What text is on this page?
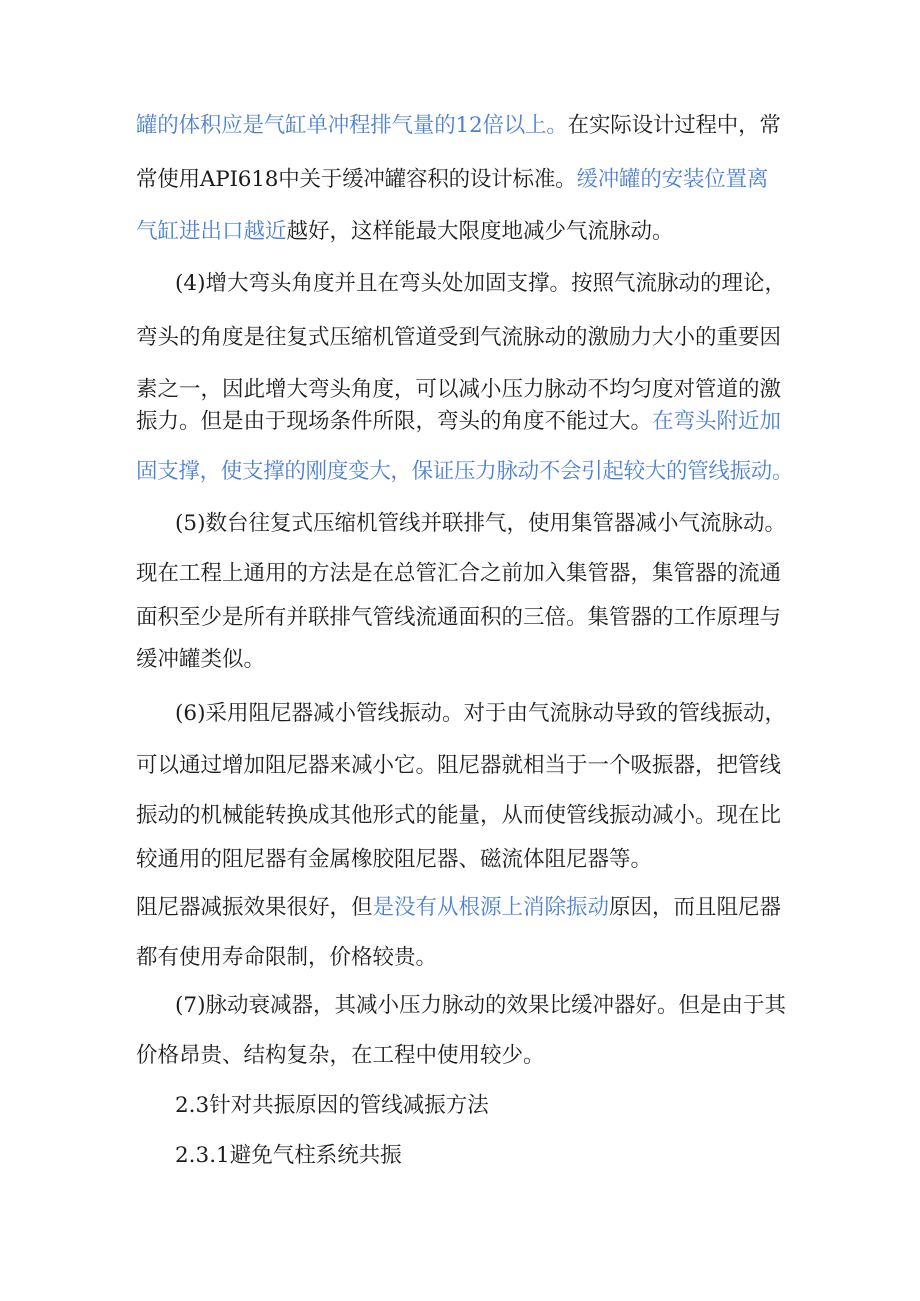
罐的体积应是气缸单冲程排气量的12倍以上。在实际设计过程中，常
常使用API618中关于缓冲罐容积的设计标准。缓冲罐的安装位置离
气缸进出口越近越好，这样能最大限度地减少气流脉动。
(4)增大弯头角度并且在弯头处加固支撑。按照气流脉动的理论，
弯头的角度是往复式压缩机管道受到气流脉动的激励力大小的重要因
素之一，因此增大弯头角度，可以减小压力脉动不均匀度对管道的激
振力。但是由于现场条件所限，弯头的角度不能过大。在弯头附近加
固支撑，使支撑的刚度变大，保证压力脉动不会引起较大的管线振动。
(5)数台往复式压缩机管线并联排气，使用集管器减小气流脉动。
现在工程上通用的方法是在总管汇合之前加入集管器，集管器的流通
面积至少是所有并联排气管线流通面积的三倍。集管器的工作原理与
缓冲罐类似。
(6)采用阻尼器减小管线振动。对于由气流脉动导致的管线振动，
可以通过增加阻尼器来减小它。阻尼器就相当于一个吸振器，把管线
振动的机械能转换成其他形式的能量，从而使管线振动减小。现在比
较通用的阻尼器有金属橡胶阻尼器、磁流体阻尼器等。
阻尼器减振效果很好，但是没有从根源上消除振动原因，而且阻尼器
都有使用寿命限制，价格较贵。
(7)脉动衰减器，其减小压力脉动的效果比缓冲器好。但是由于其
价格昂贵、结构复杂，在工程中使用较少。
2.3针对共振原因的管线减振方法
2.3.1避免气柱系统共振
